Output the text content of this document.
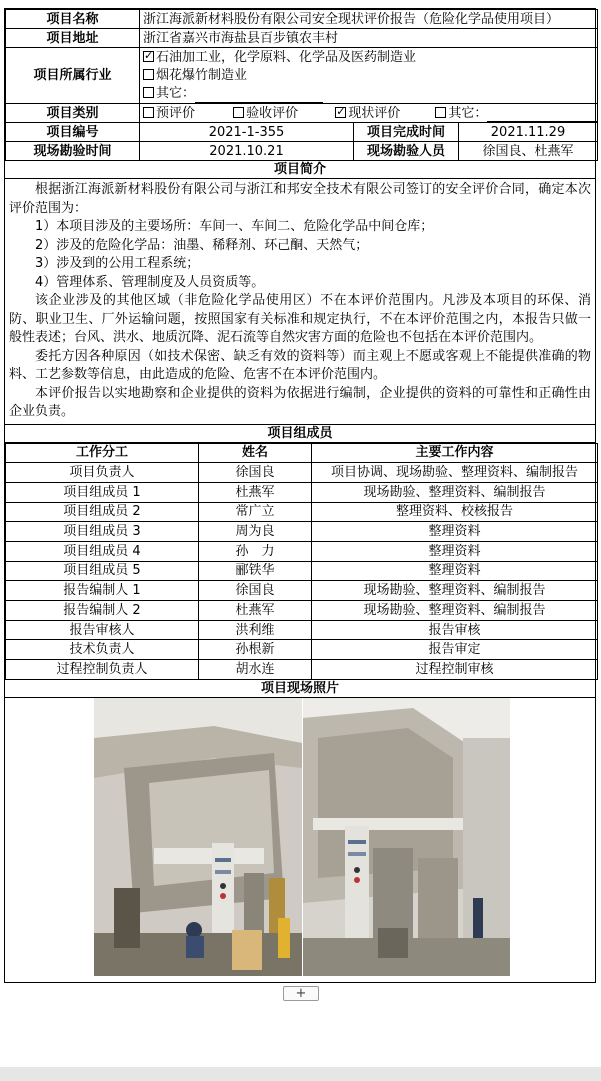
项目名称	浙江海派新材料股份有限公司安全现状评价报告（危险化学品使用项目）		
项目地址	浙江省嘉兴市海盐县百步镇农丰村		
项目所属行业	
✓石油加工业，化学原料、化学品及医药制造业
烟花爆竹制造业
其它：

项目类别	预评价 验收评价 ✓ 现状评价 其它：
项目编号	2021-1-355	项目完成时间	2021.11.29
现场勘验时间	2021.10.21	现场勘验人员	徐国良、杜燕军
项目简介

根据浙江海派新材料股份有限公司与浙江和邦安全技术有限公司签订的安全评价合同，确定本次评价范围为：

1）本项目涉及的主要场所：车间一、车间二、危险化学品中间仓库；

2）涉及的危险化学品：油墨、稀释剂、环己酮、天然气；

3）涉及到的公用工程系统；

4）管理体系、管理制度及人员资质等。

该企业涉及的其他区域（非危险化学品使用区）不在本评价范围内。凡涉及本项目的环保、消防、职业卫生、厂外运输问题，按照国家有关标准和规定执行，不在本评价范围之内，本报告只做一般性表述；台风、洪水、地质沉降、泥石流等自然灾害方面的危险也不包括在本评价范围内。

委托方因各种原因（如技术保密、缺乏有效的资料等）而主观上不愿或客观上不能提供准确的物料、工艺参数等信息，由此造成的危险、危害不在本评价范围内。

本评价报告以实地勘察和企业提供的资料为依据进行编制，企业提供的资料的可靠性和正确性由企业负责。

项目组成员
工作分工	姓名	主要工作内容
项目负责人	徐国良	项目协调、现场勘验、整理资料、编制报告
项目组成员 1	杜燕军	现场勘验、整理资料、编制报告
项目组成员 2	常广立	整理资料、校核报告
项目组成员 3	周为良	整理资料
项目组成员 4	孙　力	整理资料
项目组成员 5	郦铁华	整理资料
报告编制人 1	徐国良	现场勘验、整理资料、编制报告
报告编制人 2	杜燕军	现场勘验、整理资料、编制报告
报告审核人	洪利维	报告审核
技术负责人	孙根新	报告审定
过程控制负责人	胡水连	过程控制审核
项目现场照片
+
